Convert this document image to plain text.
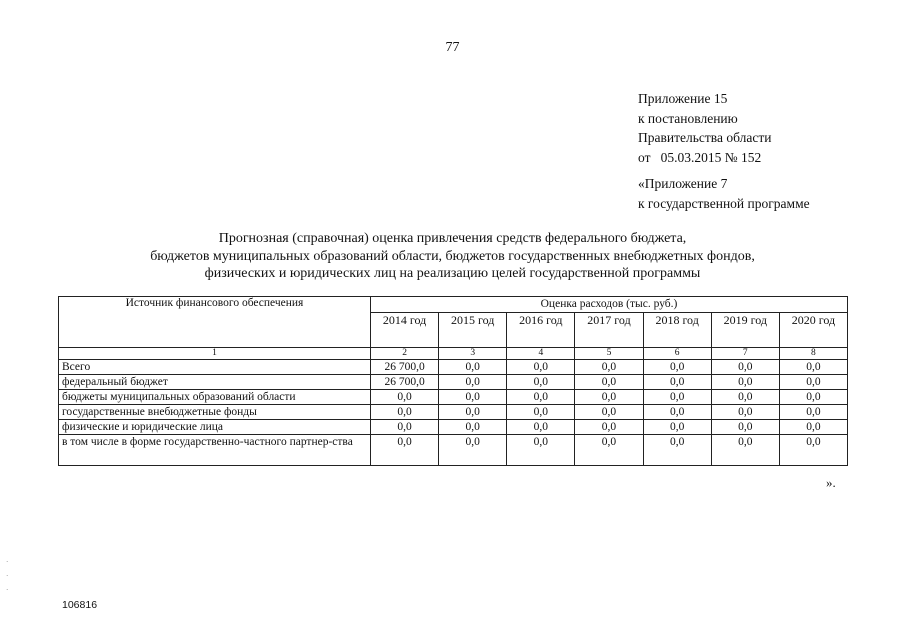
77
Приложение 15
к постановлению
Правительства области
от   05.03.2015 № 152
«Приложение 7
к государственной программе
Прогнозная (справочная) оценка привлечения средств федерального бюджета,
бюджетов муниципальных образований области, бюджетов государственных внебюджетных фондов,
физических и юридических лиц на реализацию целей государственной программы
Источник финансового обеспечения	Оценка расходов (тыс. руб.)						
	2014 год	2015 год	2016 год	2017 год	2018 год	2019 год	2020 год
1	2	3	4	5	6	7	8
Всего	26 700,0	0,0	0,0	0,0	0,0	0,0	0,0
федеральный бюджет	26 700,0	0,0	0,0	0,0	0,0	0,0	0,0
бюджеты муниципальных образований области	0,0	0,0	0,0	0,0	0,0	0,0	0,0
государственные внебюджетные фонды	0,0	0,0	0,0	0,0	0,0	0,0	0,0
физические и юридические лица	0,0	0,0	0,0	0,0	0,0	0,0	0,0
в том числе в форме государственно-частного партнер-ства	0,0	0,0	0,0	0,0	0,0	0,0	0,0
».
·
·
·
106816
